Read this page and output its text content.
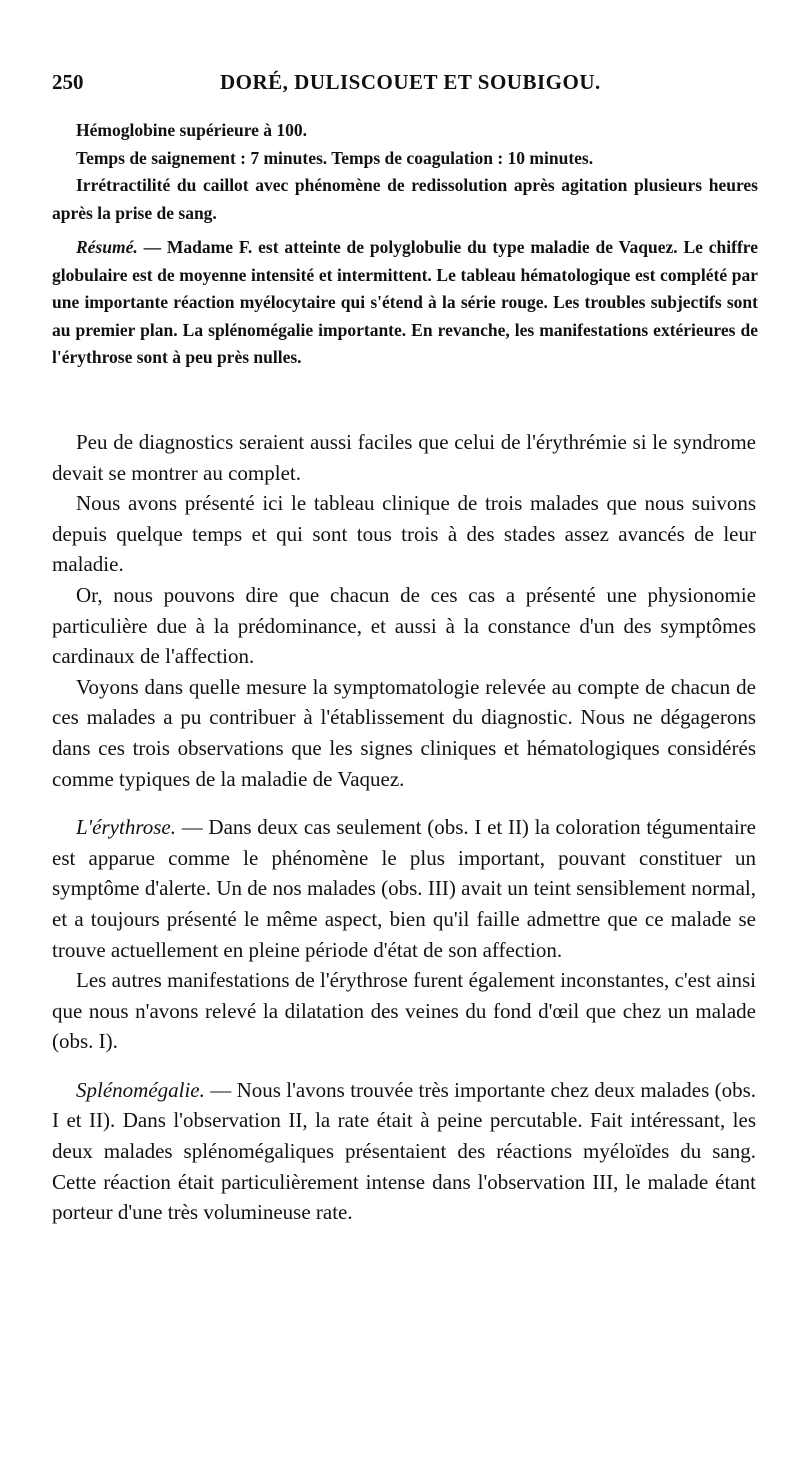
250	DORÉ, DULISCOUET ET SOUBIGOU.

Hémoglobine supérieure à 100.

Temps de saignement : 7 minutes. Temps de coagulation : 10 minutes.

Irrétractilité du caillot avec phénomène de redissolution après agitation plusieurs heures après la prise de sang.

Résumé. — Madame F. est atteinte de polyglobulie du type maladie de Vaquez. Le chiffre globulaire est de moyenne intensité et intermittent. Le tableau hématologique est complété par une importante réaction myélocytaire qui s'étend à la série rouge. Les troubles subjectifs sont au premier plan. La splénomégalie importante. En revanche, les manifestations extérieures de l'érythrose sont à peu près nulles.

Peu de diagnostics seraient aussi faciles que celui de l'érythrémie si le syndrome devait se montrer au complet.

Nous avons présenté ici le tableau clinique de trois malades que nous suivons depuis quelque temps et qui sont tous trois à des stades assez avancés de leur maladie.

Or, nous pouvons dire que chacun de ces cas a présenté une physionomie particulière due à la prédominance, et aussi à la constance d'un des symptômes cardinaux de l'affection.

Voyons dans quelle mesure la symptomatologie relevée au compte de chacun de ces malades a pu contribuer à l'établissement du diagnostic. Nous ne dégagerons dans ces trois observations que les signes cliniques et hématologiques considérés comme typiques de la maladie de Vaquez.

L'érythrose. — Dans deux cas seulement (obs. I et II) la coloration tégumentaire est apparue comme le phénomène le plus important, pouvant constituer un symptôme d'alerte. Un de nos malades (obs. III) avait un teint sensiblement normal, et a toujours présenté le même aspect, bien qu'il faille admettre que ce malade se trouve actuellement en pleine période d'état de son affection.

Les autres manifestations de l'érythrose furent également inconstantes, c'est ainsi que nous n'avons relevé la dilatation des veines du fond d'œil que chez un malade (obs. I).

Splénomégalie. — Nous l'avons trouvée très importante chez deux malades (obs. I et II). Dans l'observation II, la rate était à peine percutable. Fait intéressant, les deux malades splénomégaliques présentaient des réactions myéloïdes du sang. Cette réaction était particulièrement intense dans l'observation III, le malade étant porteur d'une très volumineuse rate.
